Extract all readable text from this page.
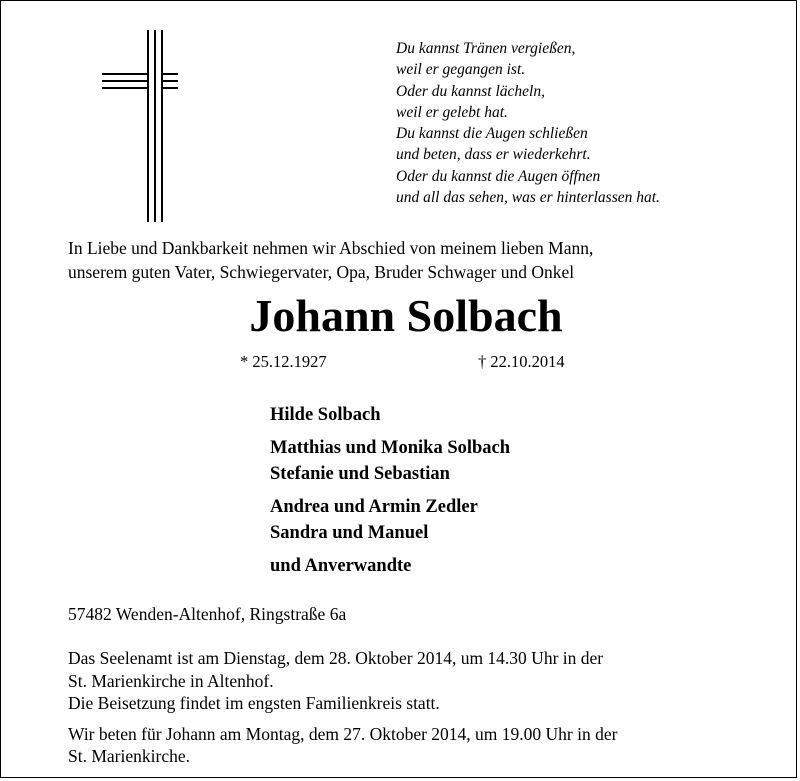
Du kannst Tränen vergießen,
weil er gegangen ist.
Oder du kannst lächeln,
weil er gelebt hat.
Du kannst die Augen schließen
und beten, dass er wiederkehrt.
Oder du kannst die Augen öffnen
und all das sehen, was er hinterlassen hat.
In Liebe und Dankbarkeit nehmen wir Abschied von meinem lieben Mann,
unserem guten Vater, Schwiegervater, Opa, Bruder Schwager und Onkel
Johann Solbach
* 25.12.1927	† 22.10.2014
Hilde Solbach
Matthias und Monika Solbach
Stefanie und Sebastian
Andrea und Armin Zedler
Sandra und Manuel
und Anverwandte
57482 Wenden-Altenhof, Ringstraße 6a
Das Seelenamt ist am Dienstag, dem 28. Oktober 2014, um 14.30 Uhr in der
St. Marienkirche in Altenhof.
Die Beisetzung findet im engsten Familienkreis statt.
Wir beten für Johann am Montag, dem 27. Oktober 2014, um 19.00 Uhr in der
St. Marienkirche.
